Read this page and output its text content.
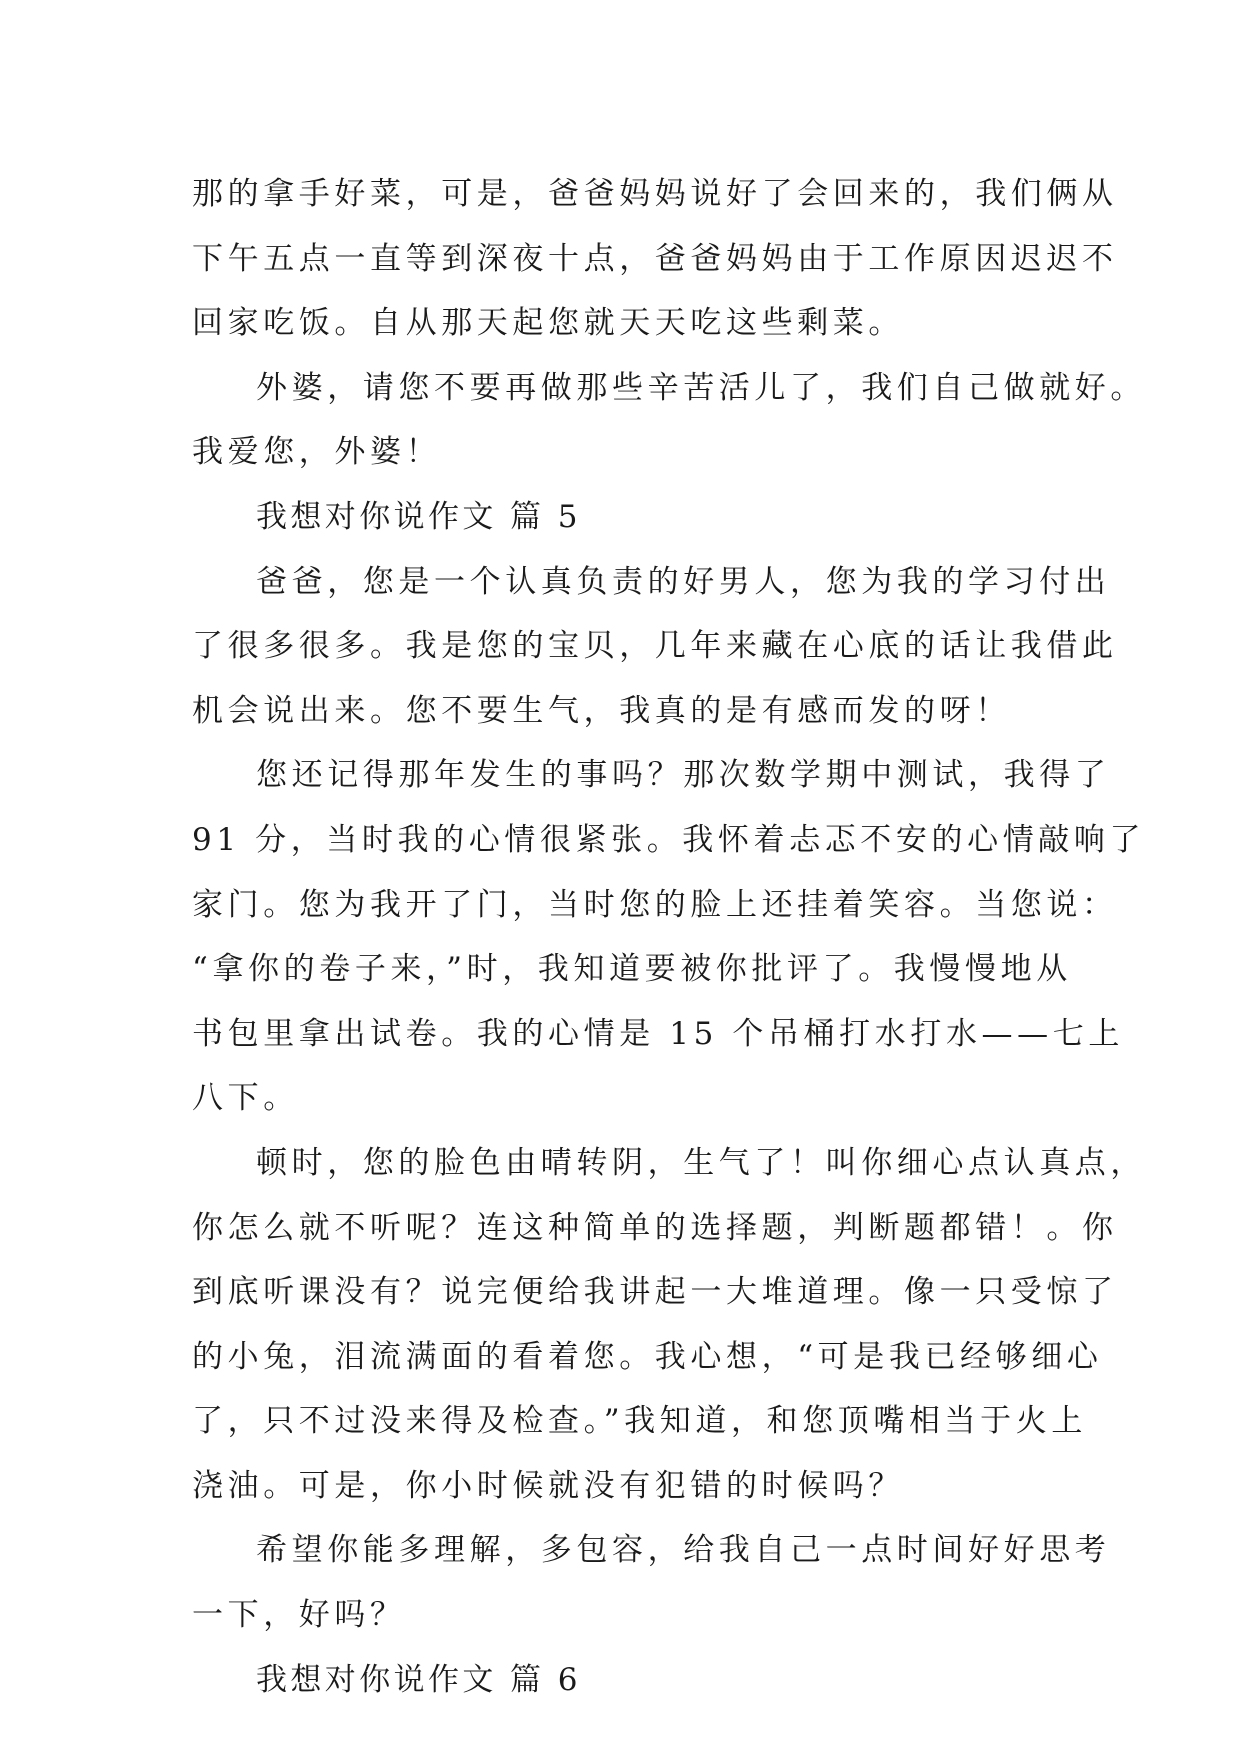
那的拿手好菜，可是，爸爸妈妈说好了会回来的，我们俩从
下午五点一直等到深夜十点，爸爸妈妈由于工作原因迟迟不
回家吃饭。自从那天起您就天天吃这些剩菜。
外婆，请您不要再做那些辛苦活儿了，我们自己做就好。
我爱您，外婆！
我想对你说作文 篇 5
爸爸，您是一个认真负责的好男人，您为我的学习付出
了很多很多。我是您的宝贝，几年来藏在心底的话让我借此
机会说出来。您不要生气，我真的是有感而发的呀！
您还记得那年发生的事吗？那次数学期中测试，我得了
91 分，当时我的心情很紧张。我怀着忐忑不安的心情敲响了
家门。您为我开了门，当时您的脸上还挂着笑容。当您说：
“拿你的卷子来，”时，我知道要被你批评了。我慢慢地从
书包里拿出试卷。我的心情是 15 个吊桶打水打水——七上
八下。
顿时，您的脸色由晴转阴，生气了！叫你细心点认真点，
你怎么就不听呢？连这种简单的选择题，判断题都错！。你
到底听课没有？说完便给我讲起一大堆道理。像一只受惊了
的小兔，泪流满面的看着您。我心想，“可是我已经够细心
了，只不过没来得及检查。”我知道，和您顶嘴相当于火上
浇油。可是，你小时候就没有犯错的时候吗？
希望你能多理解，多包容，给我自己一点时间好好思考
一下，好吗？
我想对你说作文 篇 6
